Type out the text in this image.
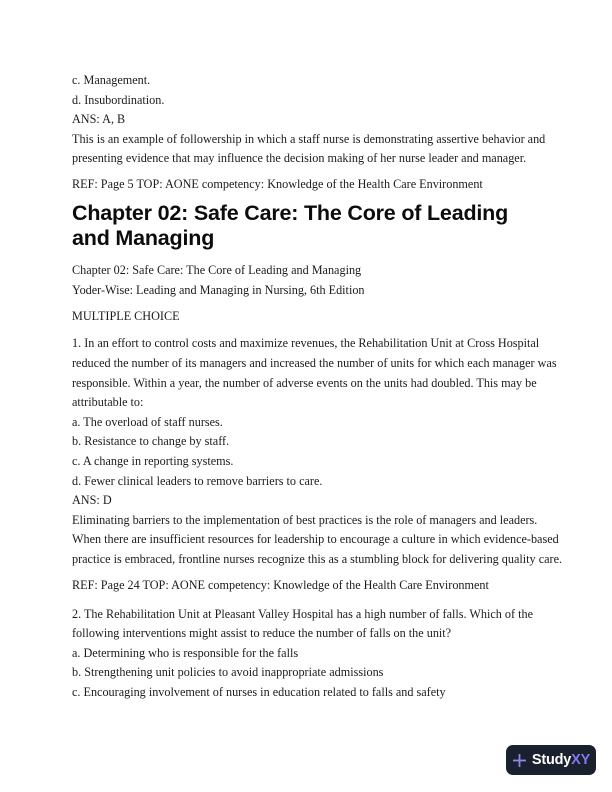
c. Management.
d. Insubordination.
ANS: A, B
This is an example of followership in which a staff nurse is demonstrating assertive behavior and
presenting evidence that may influence the decision making of her nurse leader and manager.
REF: Page 5 TOP: AONE competency: Knowledge of the Health Care Environment
Chapter 02: Safe Care: The Core of Leading
and Managing
Chapter 02: Safe Care: The Core of Leading and Managing
Yoder-Wise: Leading and Managing in Nursing, 6th Edition
MULTIPLE CHOICE
1. In an effort to control costs and maximize revenues, the Rehabilitation Unit at Cross Hospital
reduced the number of its managers and increased the number of units for which each manager was
responsible. Within a year, the number of adverse events on the units had doubled. This may be
attributable to:
a. The overload of staff nurses.
b. Resistance to change by staff.
c. A change in reporting systems.
d. Fewer clinical leaders to remove barriers to care.
ANS: D
Eliminating barriers to the implementation of best practices is the role of managers and leaders.
When there are insufficient resources for leadership to encourage a culture in which evidence-based
practice is embraced, frontline nurses recognize this as a stumbling block for delivering quality care.
REF: Page 24 TOP: AONE competency: Knowledge of the Health Care Environment
2. The Rehabilitation Unit at Pleasant Valley Hospital has a high number of falls. Which of the
following interventions might assist to reduce the number of falls on the unit?
a. Determining who is responsible for the falls
b. Strengthening unit policies to avoid inappropriate admissions
c. Encouraging involvement of nurses in education related to falls and safety
StudyXY
